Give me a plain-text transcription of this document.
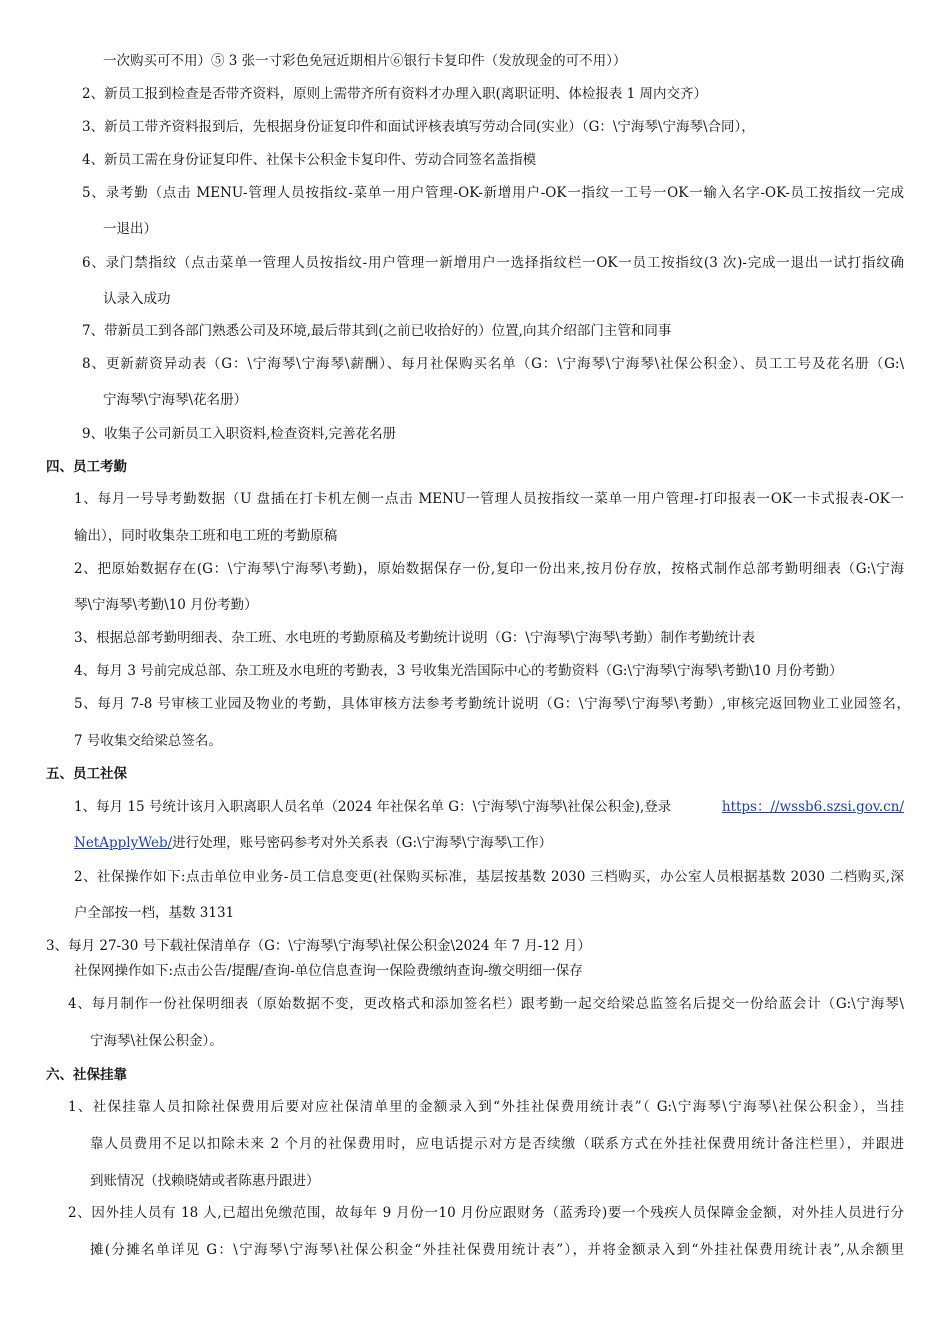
一次购买可不用）⑤ 3 张一寸彩色免冠近期相片⑥银行卡复印件（发放现金的可不用））
2、新员工报到检查是否带齐资料，原则上需带齐所有资料才办理入职(离职证明、体检报表 1 周内交齐）
3、新员工带齐资料报到后，先根据身份证复印件和面试评核表填写劳动合同(实业）（G：\宁海琴\宁海琴\合同），
4、新员工需在身份证复印件、社保卡公积金卡复印件、劳动合同签名盖指模
5、录考勤（点击 MENU-管理人员按指纹-菜单一用户管理-OK-新增用户-OK一指纹一工号一OK一输入名字-OK-员工按指纹一完成
一退出）
6、录门禁指纹（点击菜单一管理人员按指纹-用户管理一新增用户一选择指纹栏一OK一员工按指纹(3 次)-完成一退出一试打指纹确
认录入成功
7、带新员工到各部门熟悉公司及环境,最后带其到(之前已收拾好的）位置,向其介绍部门主管和同事
8、更新薪资异动表（G：\宁海琴\宁海琴\薪酬）、每月社保购买名单（G：\宁海琴\宁海琴\社保公积金）、员工工号及花名册（G:\
宁海琴\宁海琴\花名册）
9、收集子公司新员工入职资料,检查资料,完善花名册
四、员工考勤
1、每月一号导考勤数据（U 盘插在打卡机左侧一点击 MENU一管理人员按指纹一菜单一用户管理-打印报表一OK一卡式报表-OK一
输出），同时收集杂工班和电工班的考勤原稿
2、把原始数据存在(G：\宁海琴\宁海琴\考勤)，原始数据保存一份,复印一份出来,按月份存放，按格式制作总部考勤明细表（G:\宁海
琴\宁海琴\考勤\10 月份考勤）
3、根据总部考勤明细表、杂工班、水电班的考勤原稿及考勤统计说明（G：\宁海琴\宁海琴\考勤）制作考勤统计表
4、每月 3 号前完成总部、杂工班及水电班的考勤表，3 号收集光浩国际中心的考勤资料（G:\宁海琴\宁海琴\考勤\10 月份考勤）
5、每月 7-8 号审核工业园及物业的考勤，具体审核方法参考考勤统计说明（G：\宁海琴\宁海琴\考勤）,审核完返回物业工业园签名，
7 号收集交给梁总签名。
五、员工社保
1、每月 15 号统计该月入职离职人员名单（2024 年社保名单 G：\宁海琴\宁海琴\社保公积金),登录	https：//wssb6.szsi.gov.cn/
NetApplyWeb/进行处理，账号密码参考对外关系表（G:\宁海琴\宁海琴\工作）
2、社保操作如下:点击单位申业务-员工信息变更(社保购买标准，基层按基数 2030 三档购买，办公室人员根据基数 2030 二档购买,深
户全部按一档，基数 3131
3、每月 27-30 号下载社保清单存（G：\宁海琴\宁海琴\社保公积金\2024 年 7 月-12 月）
社保网操作如下:点击公告/提醒/查询-单位信息查询一保险费缴纳查询-缴交明细一保存
4、每月制作一份社保明细表（原始数据不变，更改格式和添加签名栏）跟考勤一起交给梁总监签名后提交一份给蓝会计（G:\宁海琴\
宁海琴\社保公积金）。
六、社保挂靠
1、社保挂靠人员扣除社保费用后要对应社保清单里的金额录入到“外挂社保费用统计表”（ G:\宁海琴\宁海琴\社保公积金），当挂
靠人员费用不足以扣除未来 2 个月的社保费用时，应电话提示对方是否续缴（联系方式在外挂社保费用统计备注栏里），并跟进
到账情况（找赖晓婧或者陈惠丹跟进）
2、因外挂人员有 18 人,已超出免缴范围，故每年 9 月份一10 月份应跟财务（蓝秀玲)要一个残疾人员保障金金额，对外挂人员进行分
摊(分摊名单详见 G：\宁海琴\宁海琴\社保公积金“外挂社保费用统计表”），并将金额录入到“外挂社保费用统计表”,从余额里
